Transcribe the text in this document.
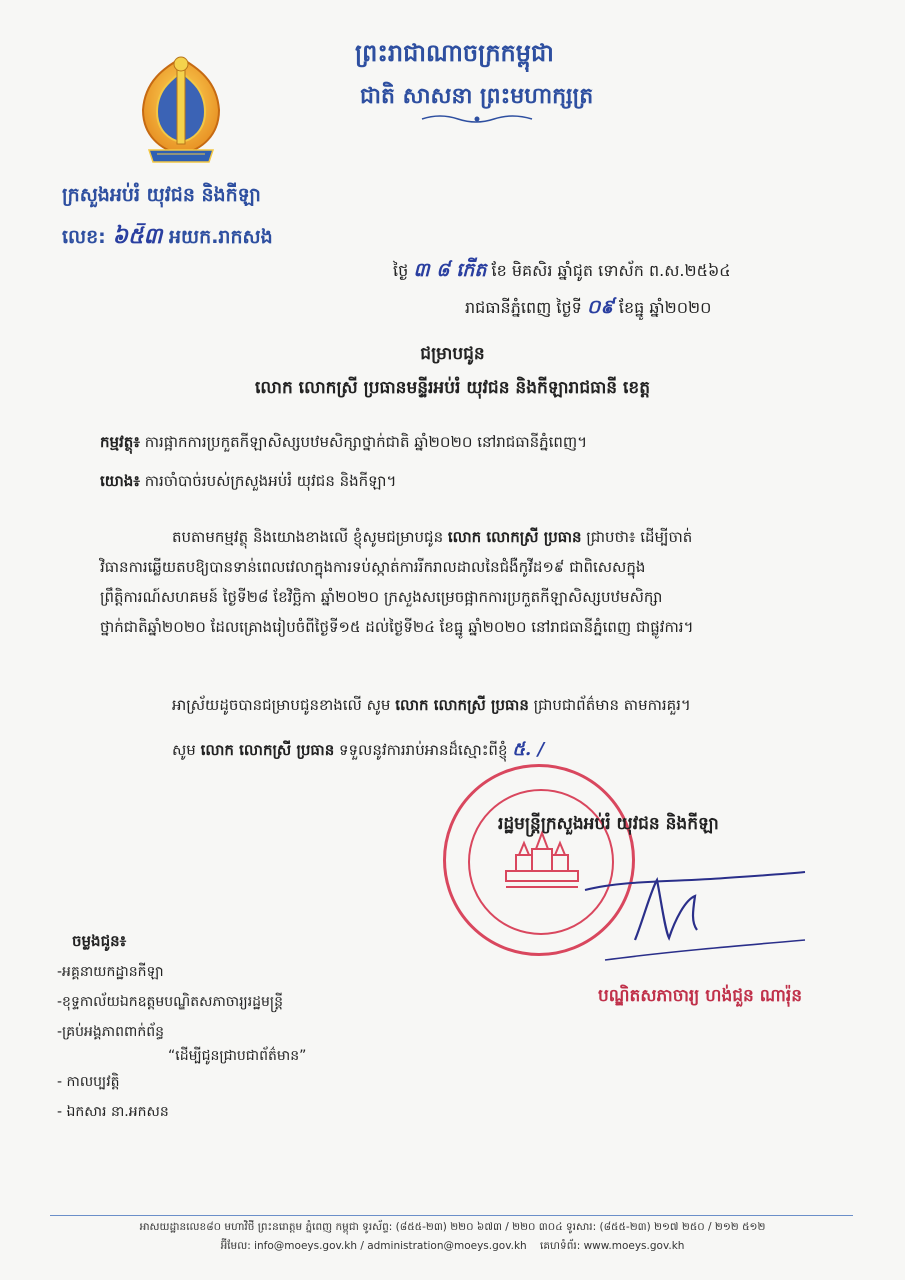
ព្រះរាជាណាចក្រកម្ពុជា
ជាតិ សាសនា ព្រះមហាក្សត្រ
ក្រសួងអប់រំ យុវជន និងកីឡា
លេខ: ៦៥៑៣ អយក.រាកសង
ថ្ងៃ ៣ ៨ កើត ខែ មិគសិរ ឆ្នាំជូត ទោស័ក ព.ស.២៥៦៤
រាជធានីភ្នំពេញ ថ្ងៃទី ០៩ ខែធ្នូ ឆ្នាំ២០២០
ជម្រាបជូន
លោក លោកស្រី ប្រធានមន្ទីរអប់រំ យុវជន និងកីឡារាជធានី ខេត្ត
កម្មវត្ថុ៖ ការផ្អាកការប្រកួតកីឡាសិស្សបឋមសិក្សាថ្នាក់ជាតិ ឆ្នាំ២០២០ នៅរាជធានីភ្នំពេញ។
យោង៖ ការចាំបាច់របស់ក្រសួងអប់រំ យុវជន និងកីឡា។
តបតាមកម្មវត្ថុ និងយោងខាងលើ ខ្ញុំសូមជម្រាបជូន លោក លោកស្រី ប្រធាន ជ្រាបថា៖ ដើម្បីចាត់
វិធានការឆ្លើយតបឱ្យបានទាន់ពេលវេលាក្នុងការទប់ស្កាត់ការរីករាលដាលនៃជំងឺកូវីដ១៩ ជាពិសេសក្នុង
ព្រឹត្តិការណ៍សហគមន៍ ថ្ងៃទី២៨ ខែវិច្ឆិកា ឆ្នាំ២០២០ ក្រសួងសម្រេចផ្អាកការប្រកួតកីឡាសិស្សបឋមសិក្សា
ថ្នាក់ជាតិឆ្នាំ២០២០ ដែលគ្រោងរៀបចំពីថ្ងៃទី១៥ ដល់ថ្ងៃទី២៤ ខែធ្នូ ឆ្នាំ២០២០ នៅរាជធានីភ្នំពេញ ជាផ្លូវការ។
អាស្រ័យដូចបានជម្រាបជូនខាងលើ សូម លោក លោកស្រី ប្រធាន ជ្រាបជាព័ត៌មាន តាមការគួរ។
សូម លោក លោកស្រី ប្រធាន ទទួលនូវការរាប់អានដ៏ស្មោះពីខ្ញុំ ៥. /
រដ្ឋមន្ត្រីក្រសួងអប់រំ យុវជន និងកីឡា
បណ្ឌិតសភាចារ្យ ហង់ជួន ណារ៉ុន
ចម្លងជូន៖
-អគ្គនាយកដ្ឋានកីឡា
-ខុទ្ទកាល័យឯកឧត្តមបណ្ឌិតសភាចារ្យរដ្ឋមន្ត្រី
-គ្រប់អង្គភាពពាក់ព័ន្ធ
“ដើម្បីជូនជ្រាបជាព័ត៌មាន”
- កាលប្បវត្តិ
- ឯកសារ នា.អកសន
អាសយដ្ឋានលេខ៨០ មហាវិថី ព្រះនរោត្តម ភ្នំពេញ កម្ពុជា ទូរស័ព្ទ: (៨៥៥-២៣) ២២០ ៦៧៣ / ២២០ ៣០៤ ទូរសារ: (៨៥៥-២៣) ២១៧ ២៥០ / ២១២ ៥១២
អ៊ីមែល: info@moeys.gov.kh / administration@moeys.gov.kh គេហទំព័រ: www.moeys.gov.kh
